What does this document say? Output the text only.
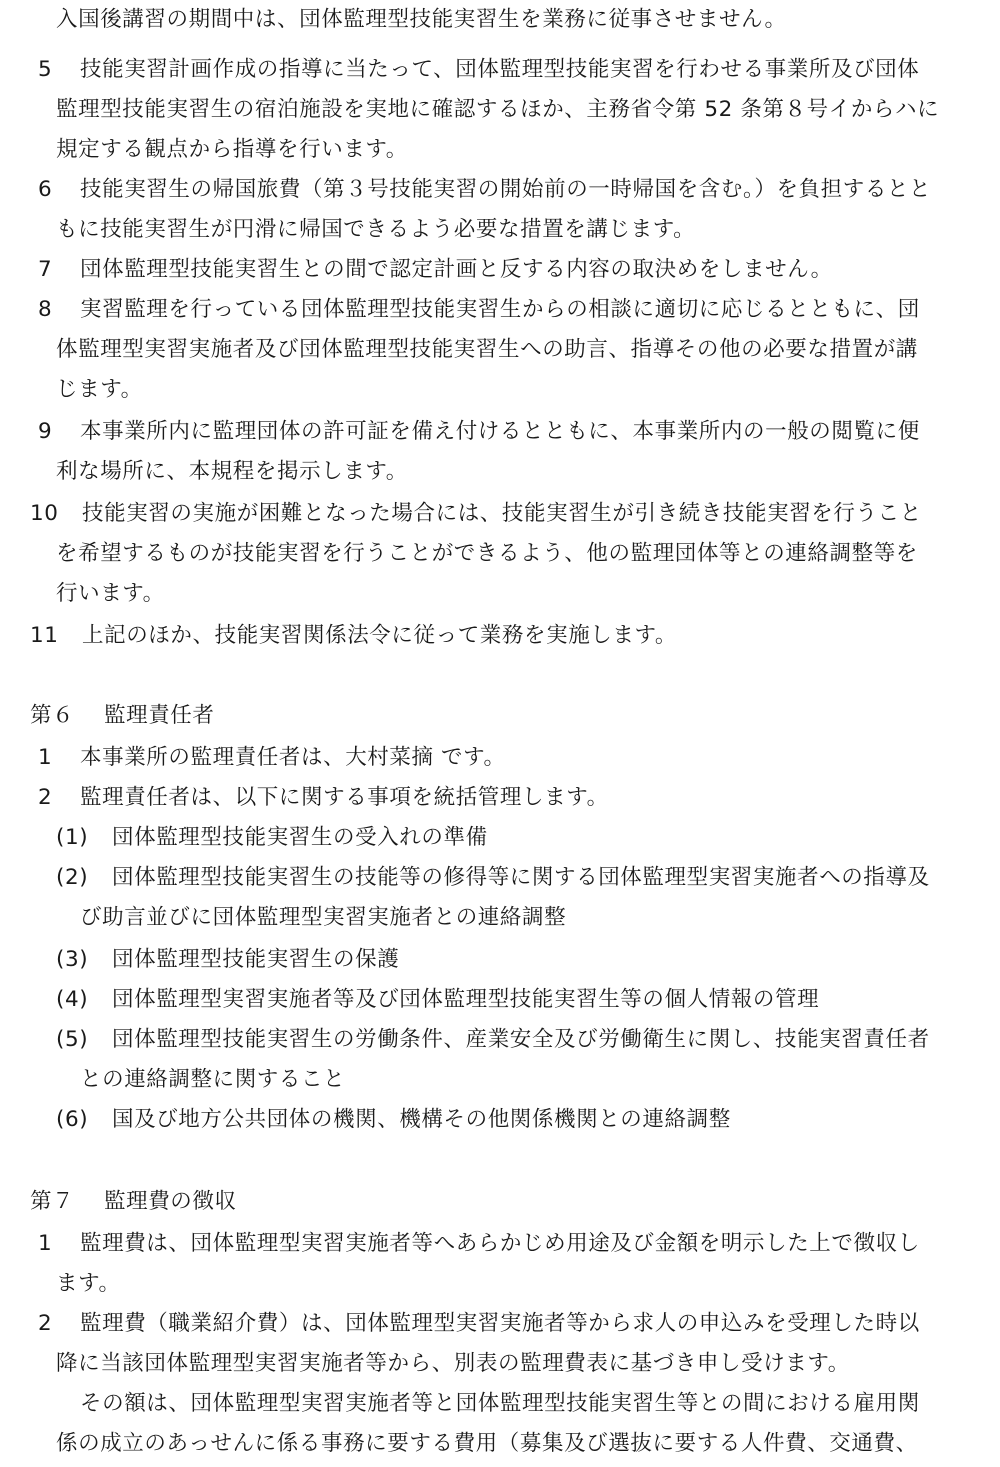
入国後講習の期間中は、団体監理型技能実習生を業務に従事させません。
5 技能実習計画作成の指導に当たって、団体監理型技能実習を行わせる事業所及び団体
監理型技能実習生の宿泊施設を実地に確認するほか、主務省令第 52 条第８号イからハに
規定する観点から指導を行います。
6 技能実習生の帰国旅費（第３号技能実習の開始前の一時帰国を含む。）を負担するとと
もに技能実習生が円滑に帰国できるよう必要な措置を講じます。
7 団体監理型技能実習生との間で認定計画と反する内容の取決めをしません。
8 実習監理を行っている団体監理型技能実習生からの相談に適切に応じるとともに、団
体監理型実習実施者及び団体監理型技能実習生への助言、指導その他の必要な措置が講
じます。
9 本事業所内に監理団体の許可証を備え付けるとともに、本事業所内の一般の閲覧に便
利な場所に、本規程を掲示します。
10 技能実習の実施が困難となった場合には、技能実習生が引き続き技能実習を行うこと
を希望するものが技能実習を行うことができるよう、他の監理団体等との連絡調整等を
行います。
11 上記のほか、技能実習関係法令に従って業務を実施します。
第６ 監理責任者
1 本事業所の監理責任者は、大村菜摘 です。
2 監理責任者は、以下に関する事項を統括管理します。
(1) 団体監理型技能実習生の受入れの準備
(2) 団体監理型技能実習生の技能等の修得等に関する団体監理型実習実施者への指導及
び助言並びに団体監理型実習実施者との連絡調整
(3) 団体監理型技能実習生の保護
(4) 団体監理型実習実施者等及び団体監理型技能実習生等の個人情報の管理
(5) 団体監理型技能実習生の労働条件、産業安全及び労働衛生に関し、技能実習責任者
との連絡調整に関すること
(6) 国及び地方公共団体の機関、機構その他関係機関との連絡調整
第７ 監理費の徴収
1 監理費は、団体監理型実習実施者等へあらかじめ用途及び金額を明示した上で徴収し
ます。
2 監理費（職業紹介費）は、団体監理型実習実施者等から求人の申込みを受理した時以
降に当該団体監理型実習実施者等から、別表の監理費表に基づき申し受けます。
その額は、団体監理型実習実施者等と団体監理型技能実習生等との間における雇用関
係の成立のあっせんに係る事務に要する費用（募集及び選抜に要する人件費、交通費、
